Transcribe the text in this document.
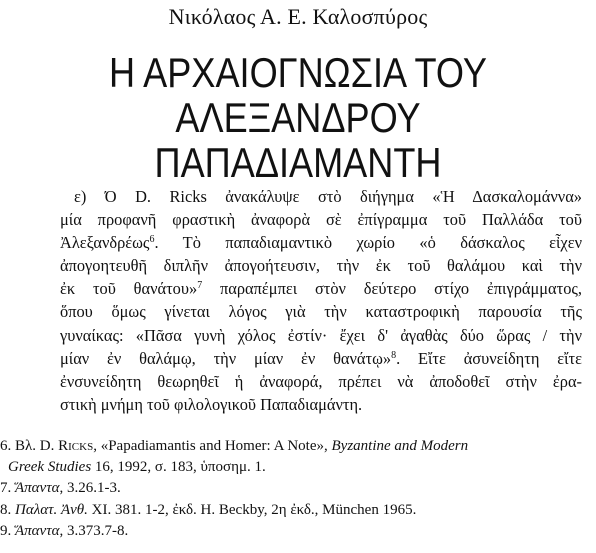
Νικόλαος Α. Ε. Καλοσπύρος
Η ΑΡΧΑΙΟΓΝΩΣΙΑ ΤΟΥ
ΑΛΕΞΑΝΔΡΟΥ
ΠΑΠΑΔΙΑΜΑΝΤΗ
ε) Ό D. Ricks ἀνακάλυψε στὸ διήγημα «Ἡ Δασκαλομάννα»
μία προφανῆ φραστικὴ ἀναφορὰ σὲ ἐπίγραμμα τοῦ Παλλάδα τοῦ
Ἀλεξανδρέως$^6$. Τὸ παπαδιαμαντικὸ χωρίο «ὁ δάσκαλος εἶχεν
ἀπογοητευθῆ διπλῆν ἀπογοήτευσιν, τὴν ἐκ τοῦ θαλάμου καὶ τὴν
ἐκ τοῦ θανάτου»$^7$ παραπέμπει στὸν δεύτερο στίχο ἐπιγράμματος,
ὅπου ὅμως γίνεται λόγος γιὰ τὴν καταστροφικὴ παρουσία τῆς
γυναίκας: «Πᾶσα γυνὴ χόλος ἐστίν· ἔχει δ' ἀγαθὰς δύο ὥρας / τὴν
μίαν ἐν θαλάμῳ, τὴν μίαν ἐν θανάτῳ»$^8$. Εἴτε ἀσυνείδητη εἴτε
ἐνσυνείδητη θεωρηθεῖ ἡ ἀναφορά, πρέπει νὰ ἀποδοθεῖ στὴν ἐρα-
στικὴ μνήμη τοῦ φιλολογικοῦ Παπαδιαμάντη.
6. Βλ. D. Ricks, «Papadiamantis and Homer: A Note», Byzantine and Modern
Greek Studies 16, 1992, σ. 183, ὑποσημ. 1.
7. Ἅπαντα, 3.26.1-3.
8. Παλατ. Ἀνθ. XI. 381. 1-2, ἐκδ. H. Beckby, 2η ἐκδ., München 1965.
9. Ἅπαντα, 3.373.7-8.
